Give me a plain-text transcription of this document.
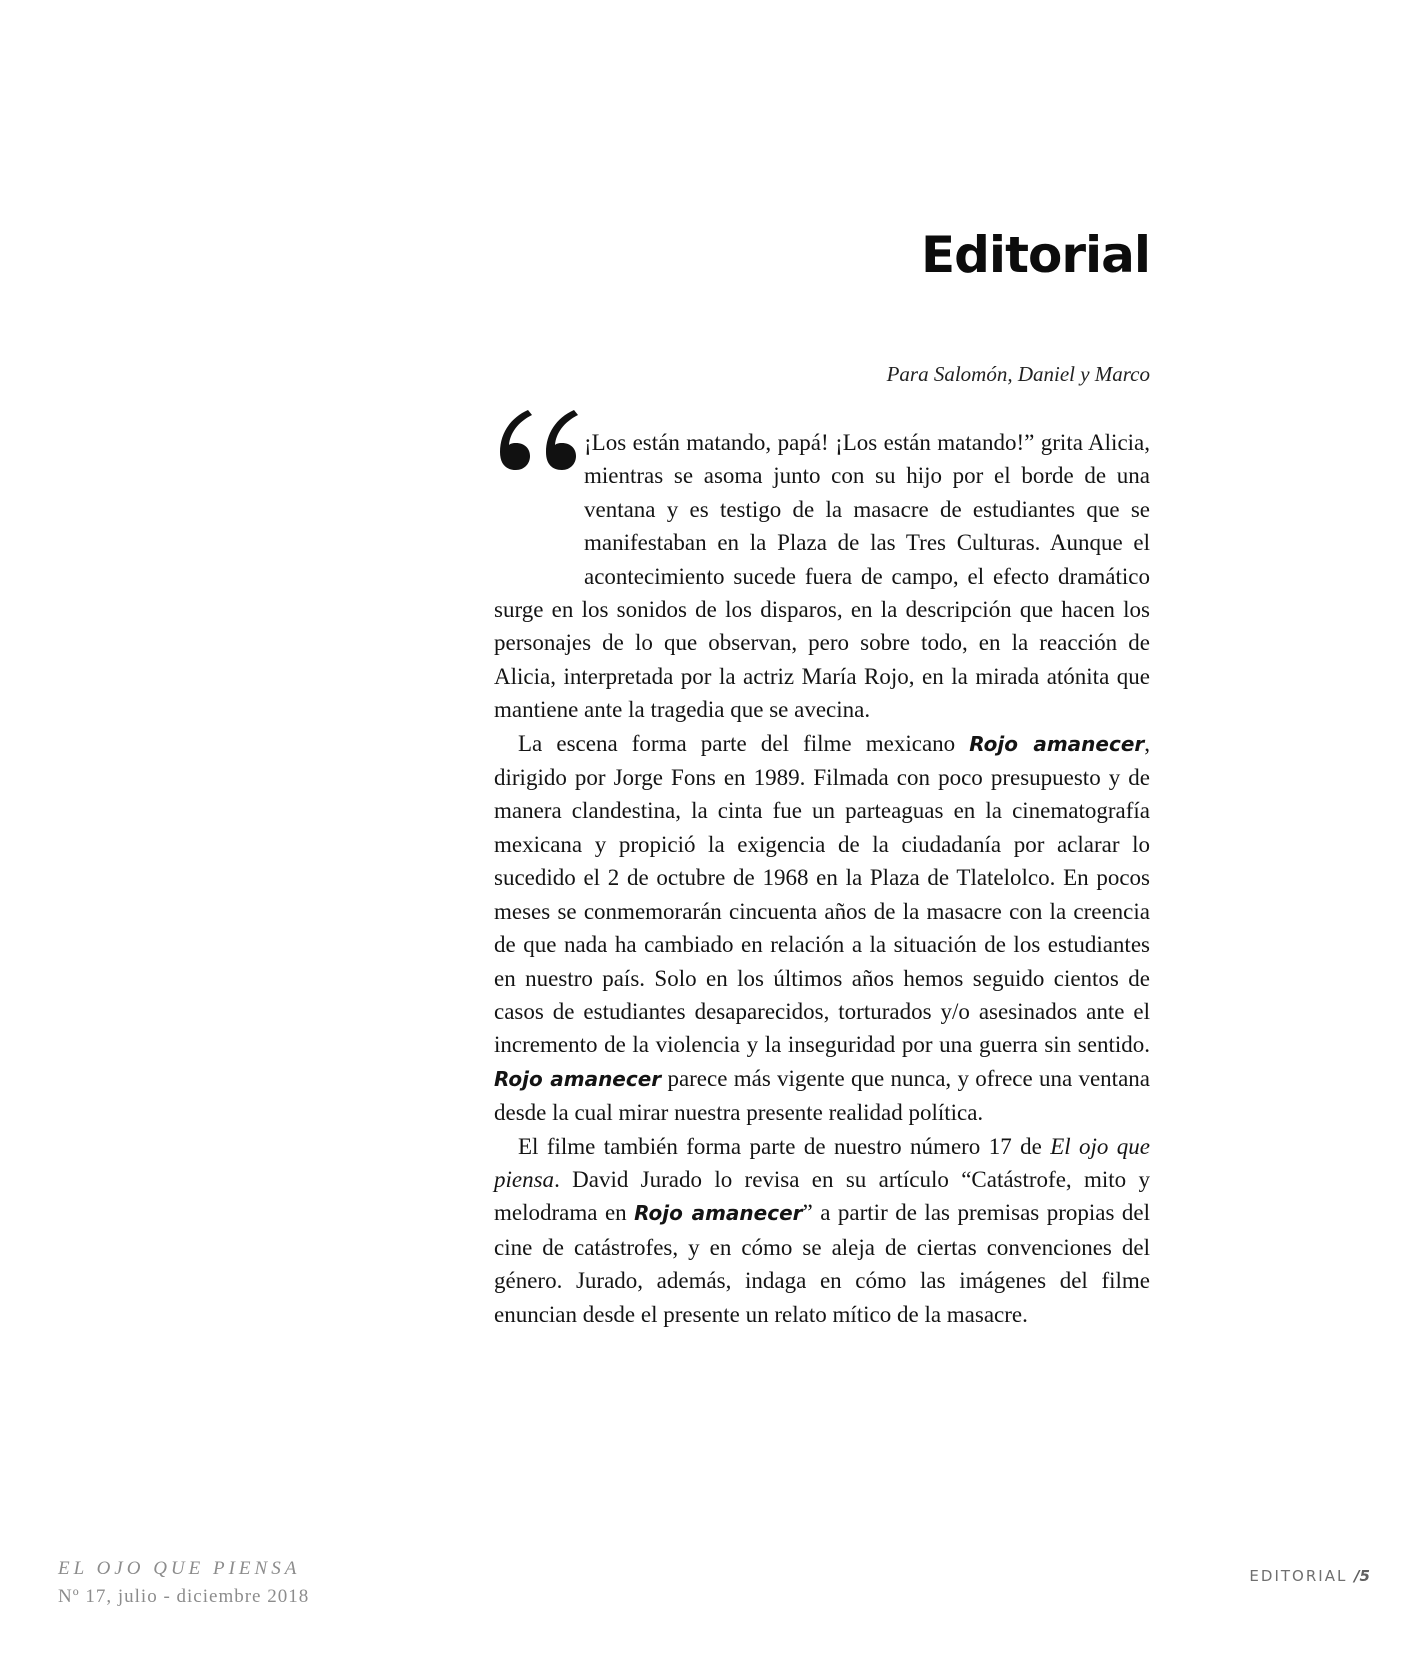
Editorial

Para Salomón, Daniel y Marco

¡Los están matando, papá! ¡Los están matando!” grita Alicia, mientras se asoma junto con su hijo por el borde de una ventana y es testigo de la masacre de estudiantes que se manifestaban en la Plaza de las Tres Culturas. Aunque el acontecimiento sucede fuera de campo, el efecto dramático surge en los sonidos de los disparos, en la descripción que hacen los personajes de lo que observan, pero sobre todo, en la reacción de Alicia, interpretada por la actriz María Rojo, en la mirada atónita que mantiene ante la tragedia que se avecina.

La escena forma parte del filme mexicano Rojo amanecer, dirigido por Jorge Fons en 1989. Filmada con poco presupuesto y de manera clandestina, la cinta fue un parteaguas en la cinematografía mexicana y propició la exigencia de la ciudadanía por aclarar lo sucedido el 2 de octubre de 1968 en la Plaza de Tlatelolco. En pocos meses se conmemorarán cincuenta años de la masacre con la creencia de que nada ha cambiado en relación a la situación de los estudiantes en nuestro país. Solo en los últimos años hemos seguido cientos de casos de estudiantes desaparecidos, torturados y/o asesinados ante el incremento de la violencia y la inseguridad por una guerra sin sentido. Rojo amanecer parece más vigente que nunca, y ofrece una ventana desde la cual mirar nuestra presente realidad política.

El filme también forma parte de nuestro número 17 de El ojo que piensa. David Jurado lo revisa en su artículo “Catástrofe, mito y melodrama en Rojo amanecer” a partir de las premisas propias del cine de catástrofes, y en cómo se aleja de ciertas convenciones del género. Jurado, además, indaga en cómo las imágenes del filme enuncian desde el presente un relato mítico de la masacre.

EL OJO QUE PIENSA
Nº 17, julio - diciembre 2018
EDITORIAL /5
